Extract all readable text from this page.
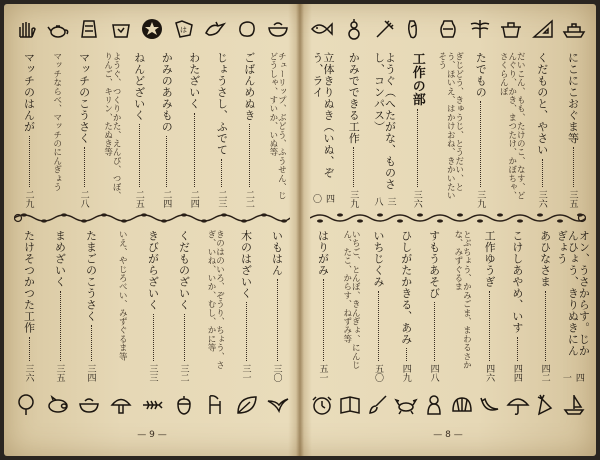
は
チューリップ、ぶどう、ふうせん、じどうしゃ、すいか、いぬ等
ごばんめぬき
二二
じょうさし、ふでて
二三
わたざいく
二四
かみのあみもの
二四
ねんどざいく
二五
ようぐ、つくりかた、えんぴ、つぼ、りんご、キリン、たぬき等
マッチのこうさく
二八
マッチならべ、マッチのにんぎょう
マッチのはんが
二九
いもはん
三〇
木のはざいく
三一
きのはのいろ、ぞうり、ちょう、さぎ、いね、いか、むし、かに等
くだものざいく
三二
きびがらざいく
三三
いえ、やじろべい、みずぐるま等
たまごのこうさく
三四
まめざいく
三五
たけそつかつた工作
三六
— 9 —
にこにこおぐま等
三五
くだものと、やさい
三六
だいこん、もも、たけのこ、なす、どんぐり、かき、まつたけ、かぼちゃ、さくらんぼ
たでもの
三九
ぎじどう、きゅうじ、とうだい、とう、ほいえ、はかけおね、きかいたいそう
工作の部
三六
ようぐ（へたがな、ものさし、コンパス）
三八
かみでできる工作
三九
立体きりぬき（いぬ、ぞう、ライ
四〇
オン、うさからす。じかんひょう、きりぬきにんぎょう
四一
あひなさま
四二
こけしあやめ、いす
四四
工作ゆうぎ
四六
とぶちょう、かみごま、まわるさかな、みずぐるま
すもうあそび
四八
ひしがたかきる、あみ
四九
いちじくみ
五〇
いちご、とんぼ、きんぎょ、にんじん、たこ、からす、ねずみ等
はりがみ
五一
— 8 —
